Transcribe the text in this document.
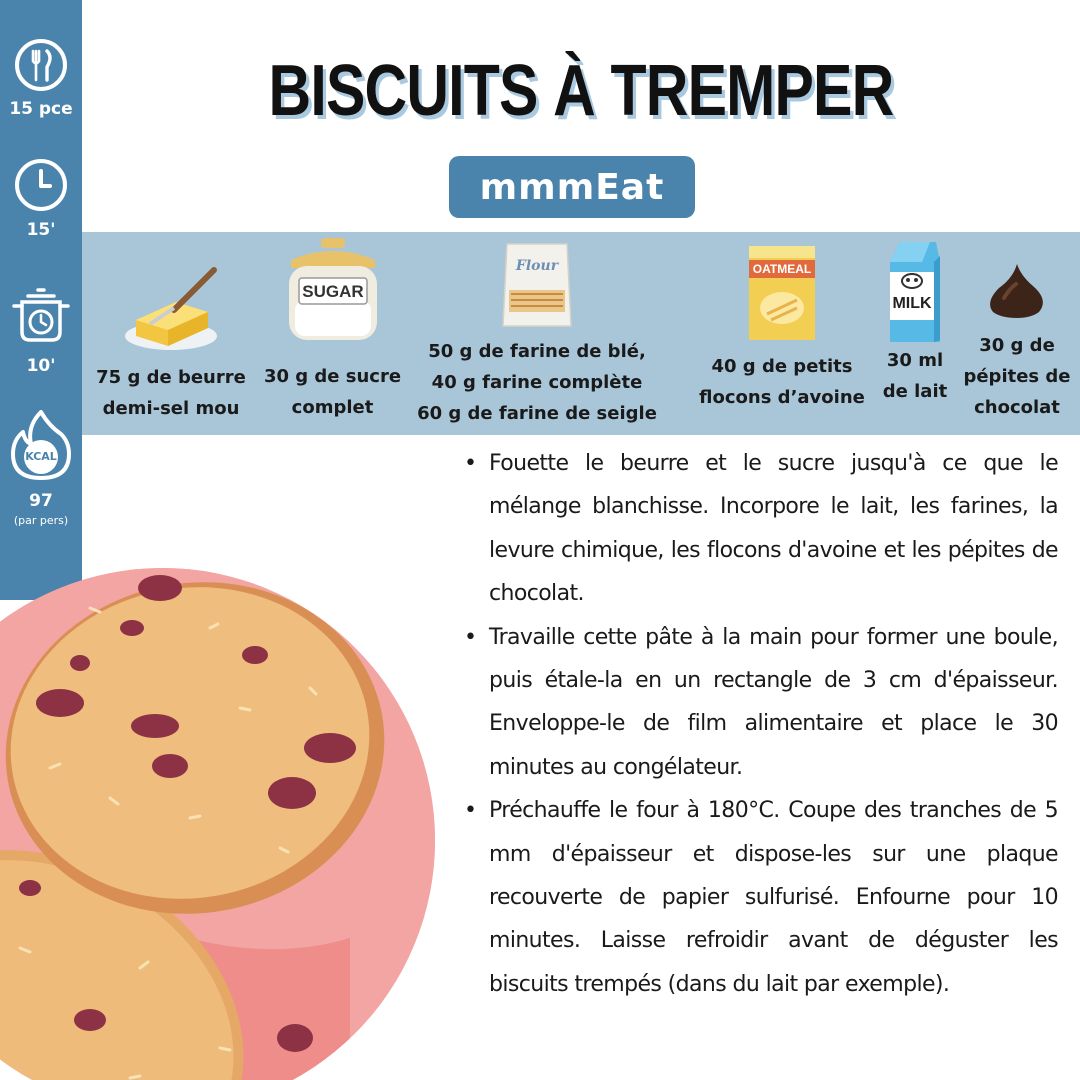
15 pce
15'
10'
KCAL
97
(par pers)
BISCUITS À TREMPER
mmmEat
75 g de beurre
demi-sel mou
SUGAR
30 g de sucre
complet
Flour
50 g de farine de blé,
40 g farine complète
60 g de farine de seigle
OATMEAL
40 g de petits
flocons d’avoine
MILK
30 ml
de lait
30 g de
pépites de
chocolat
• Fouette le beurre et le sucre jusqu'à ce que le mélange blanchisse. Incorpore le lait, les farines, la levure chimique, les flocons d'avoine et les pépites de chocolat.
• Travaille cette pâte à la main pour former une boule, puis étale-la en un rectangle de 3 cm d'épaisseur. Enveloppe-le de film alimentaire et place le 30 minutes au congélateur.
• Préchauffe le four à 180°C. Coupe des tranches de 5 mm d'épaisseur et dispose-les sur une plaque recouverte de papier sulfurisé. Enfourne pour 10 minutes. Laisse refroidir avant de déguster les biscuits trempés (dans du lait par exemple).
